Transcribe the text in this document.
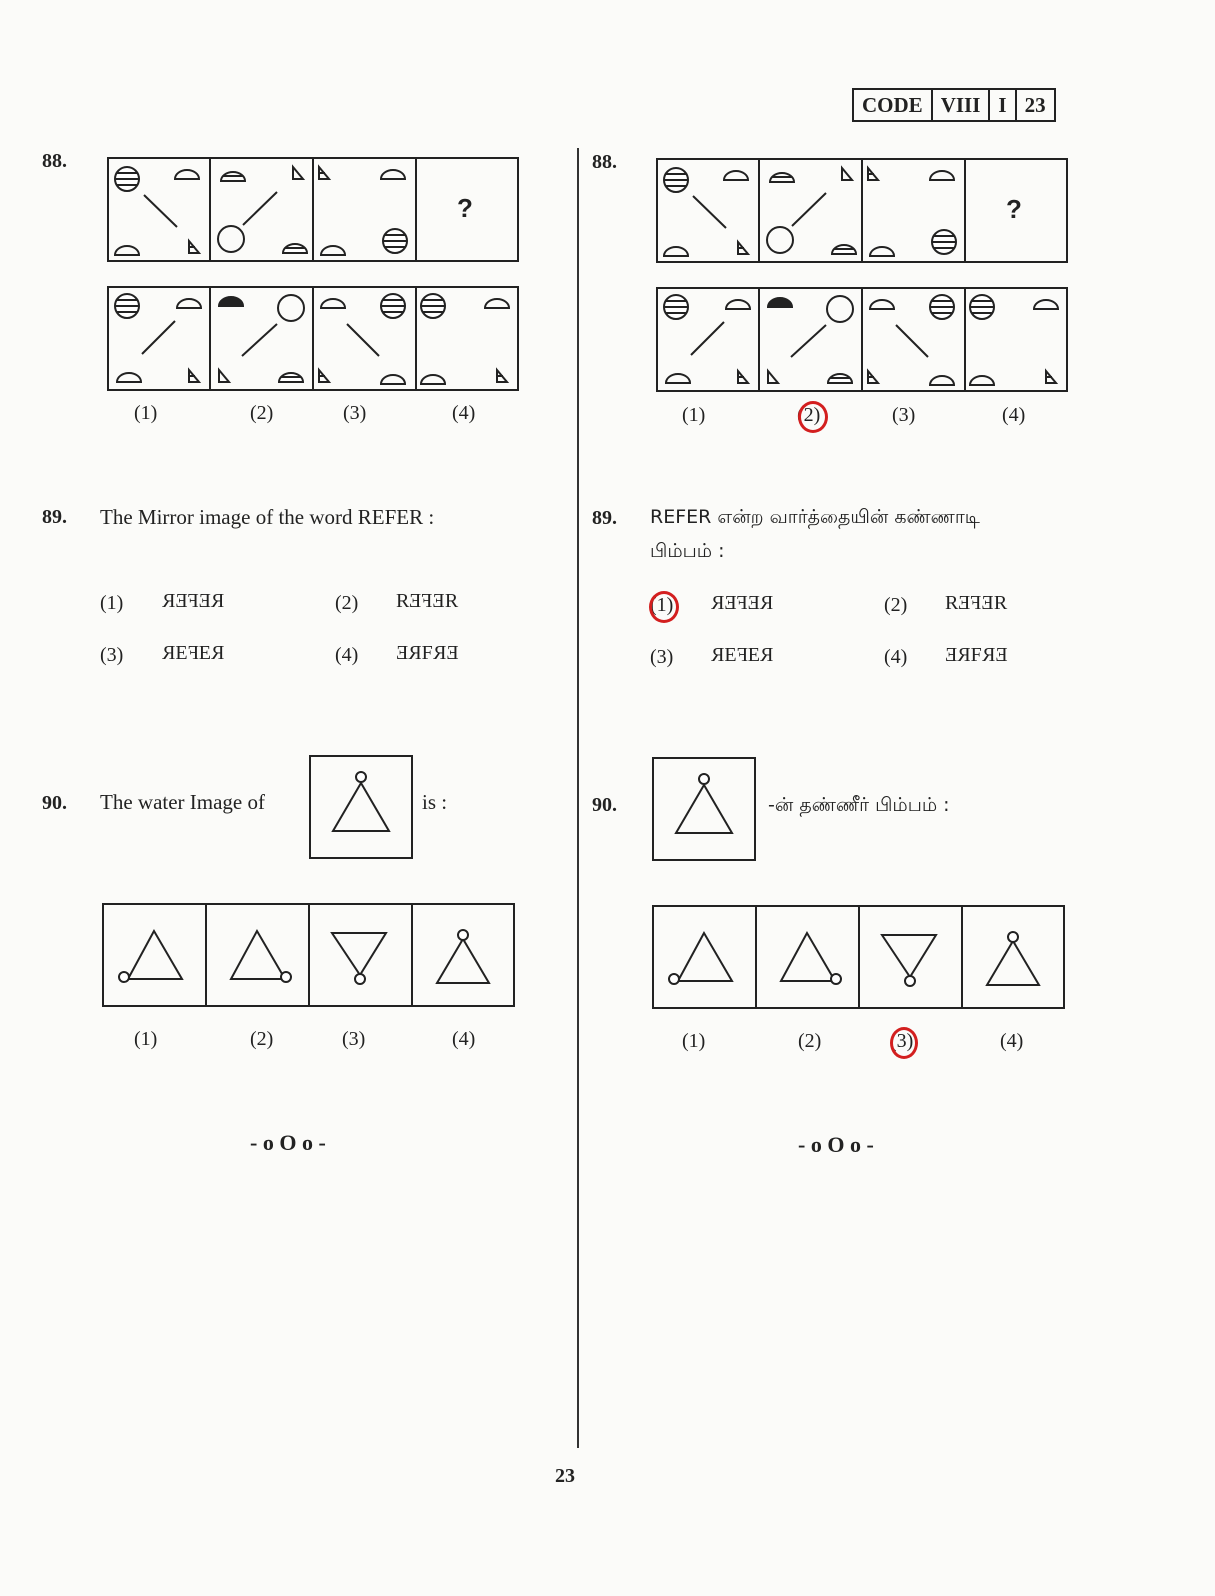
CODE VIII I 23
88.
?
(1)	(2)	(3)	(4)
89. The Mirror image of the word REFER :
(1) REFER	(2) REFER
(3) REFER	(4) REFER
90. The water Image of	is :
(1)	(2)	(3)	(4)
- o O o -
88.
?
(1)	(2)	(3)	(4)
89. REFER என்ற வார்த்தையின் கண்ணாடி
பிம்பம் :
(1) REFER	(2) REFER
(3) REFER	(4) REFER
90.	-ன் தண்ணீர் பிம்பம் :
(1)	(2)	(3)	(4)
- o O o -
23
